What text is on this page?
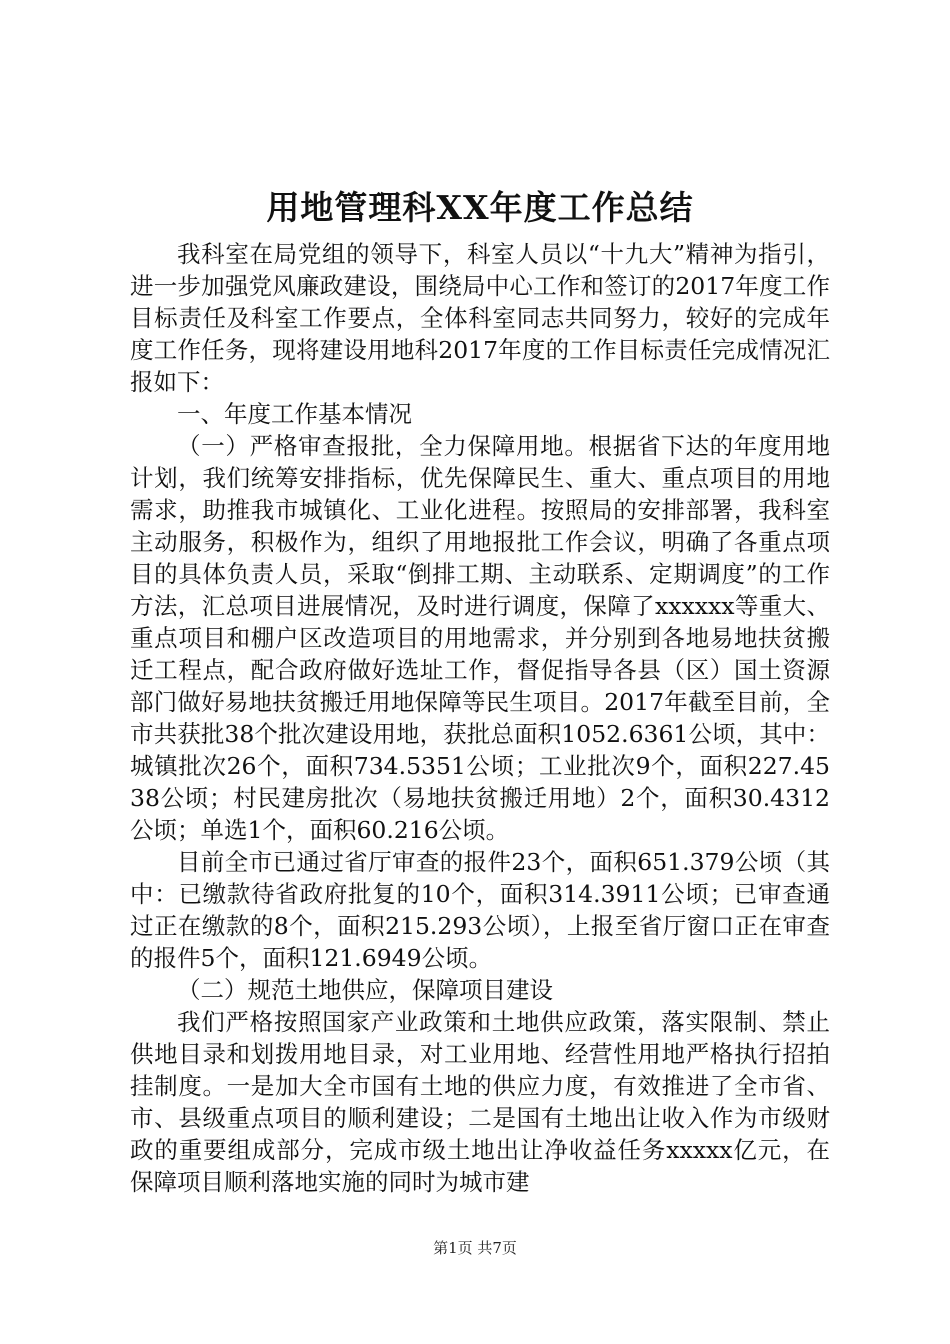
用地管理科XX年度工作总结

我科室在局党组的领导下，科室人员以“十九大”精神为指引，进一步加强党风廉政建设，围绕局中心工作和签订的2017年度工作目标责任及科室工作要点，全体科室同志共同努力，较好的完成年度工作任务，现将建设用地科2017年度的工作目标责任完成情况汇报如下：

一、年度工作基本情况

（一）严格审查报批，全力保障用地。根据省下达的年度用地计划，我们统筹安排指标，优先保障民生、重大、重点项目的用地需求，助推我市城镇化、工业化进程。按照局的安排部署，我科室主动服务，积极作为，组织了用地报批工作会议，明确了各重点项目的具体负责人员，采取“倒排工期、主动联系、定期调度”的工作方法，汇总项目进展情况，及时进行调度，保障了xxxxxx等重大、重点项目和棚户区改造项目的用地需求，并分别到各地易地扶贫搬迁工程点，配合政府做好选址工作，督促指导各县（区）国土资源部门做好易地扶贫搬迁用地保障等民生项目。2017年截至目前，全市共获批38个批次建设用地，获批总面积1052.6361公顷，其中：城镇批次26个，面积734.5351公顷；工业批次9个，面积227.4538公顷；村民建房批次（易地扶贫搬迁用地）2个，面积30.4312公顷；单选1个，面积60.216公顷。

目前全市已通过省厅审查的报件23个，面积651.379公顷（其中：已缴款待省政府批复的10个，面积314.3911公顷；已审查通过正在缴款的8个，面积215.293公顷），上报至省厅窗口正在审查的报件5个，面积121.6949公顷。

（二）规范土地供应，保障项目建设

我们严格按照国家产业政策和土地供应政策，落实限制、禁止供地目录和划拨用地目录，对工业用地、经营性用地严格执行招拍挂制度。一是加大全市国有土地的供应力度，有效推进了全市省、市、县级重点项目的顺利建设；二是国有土地出让收入作为市级财政的重要组成部分，完成市级土地出让净收益任务xxxxx亿元，在保障项目顺利落地实施的同时为城市建

第1页 共7页
